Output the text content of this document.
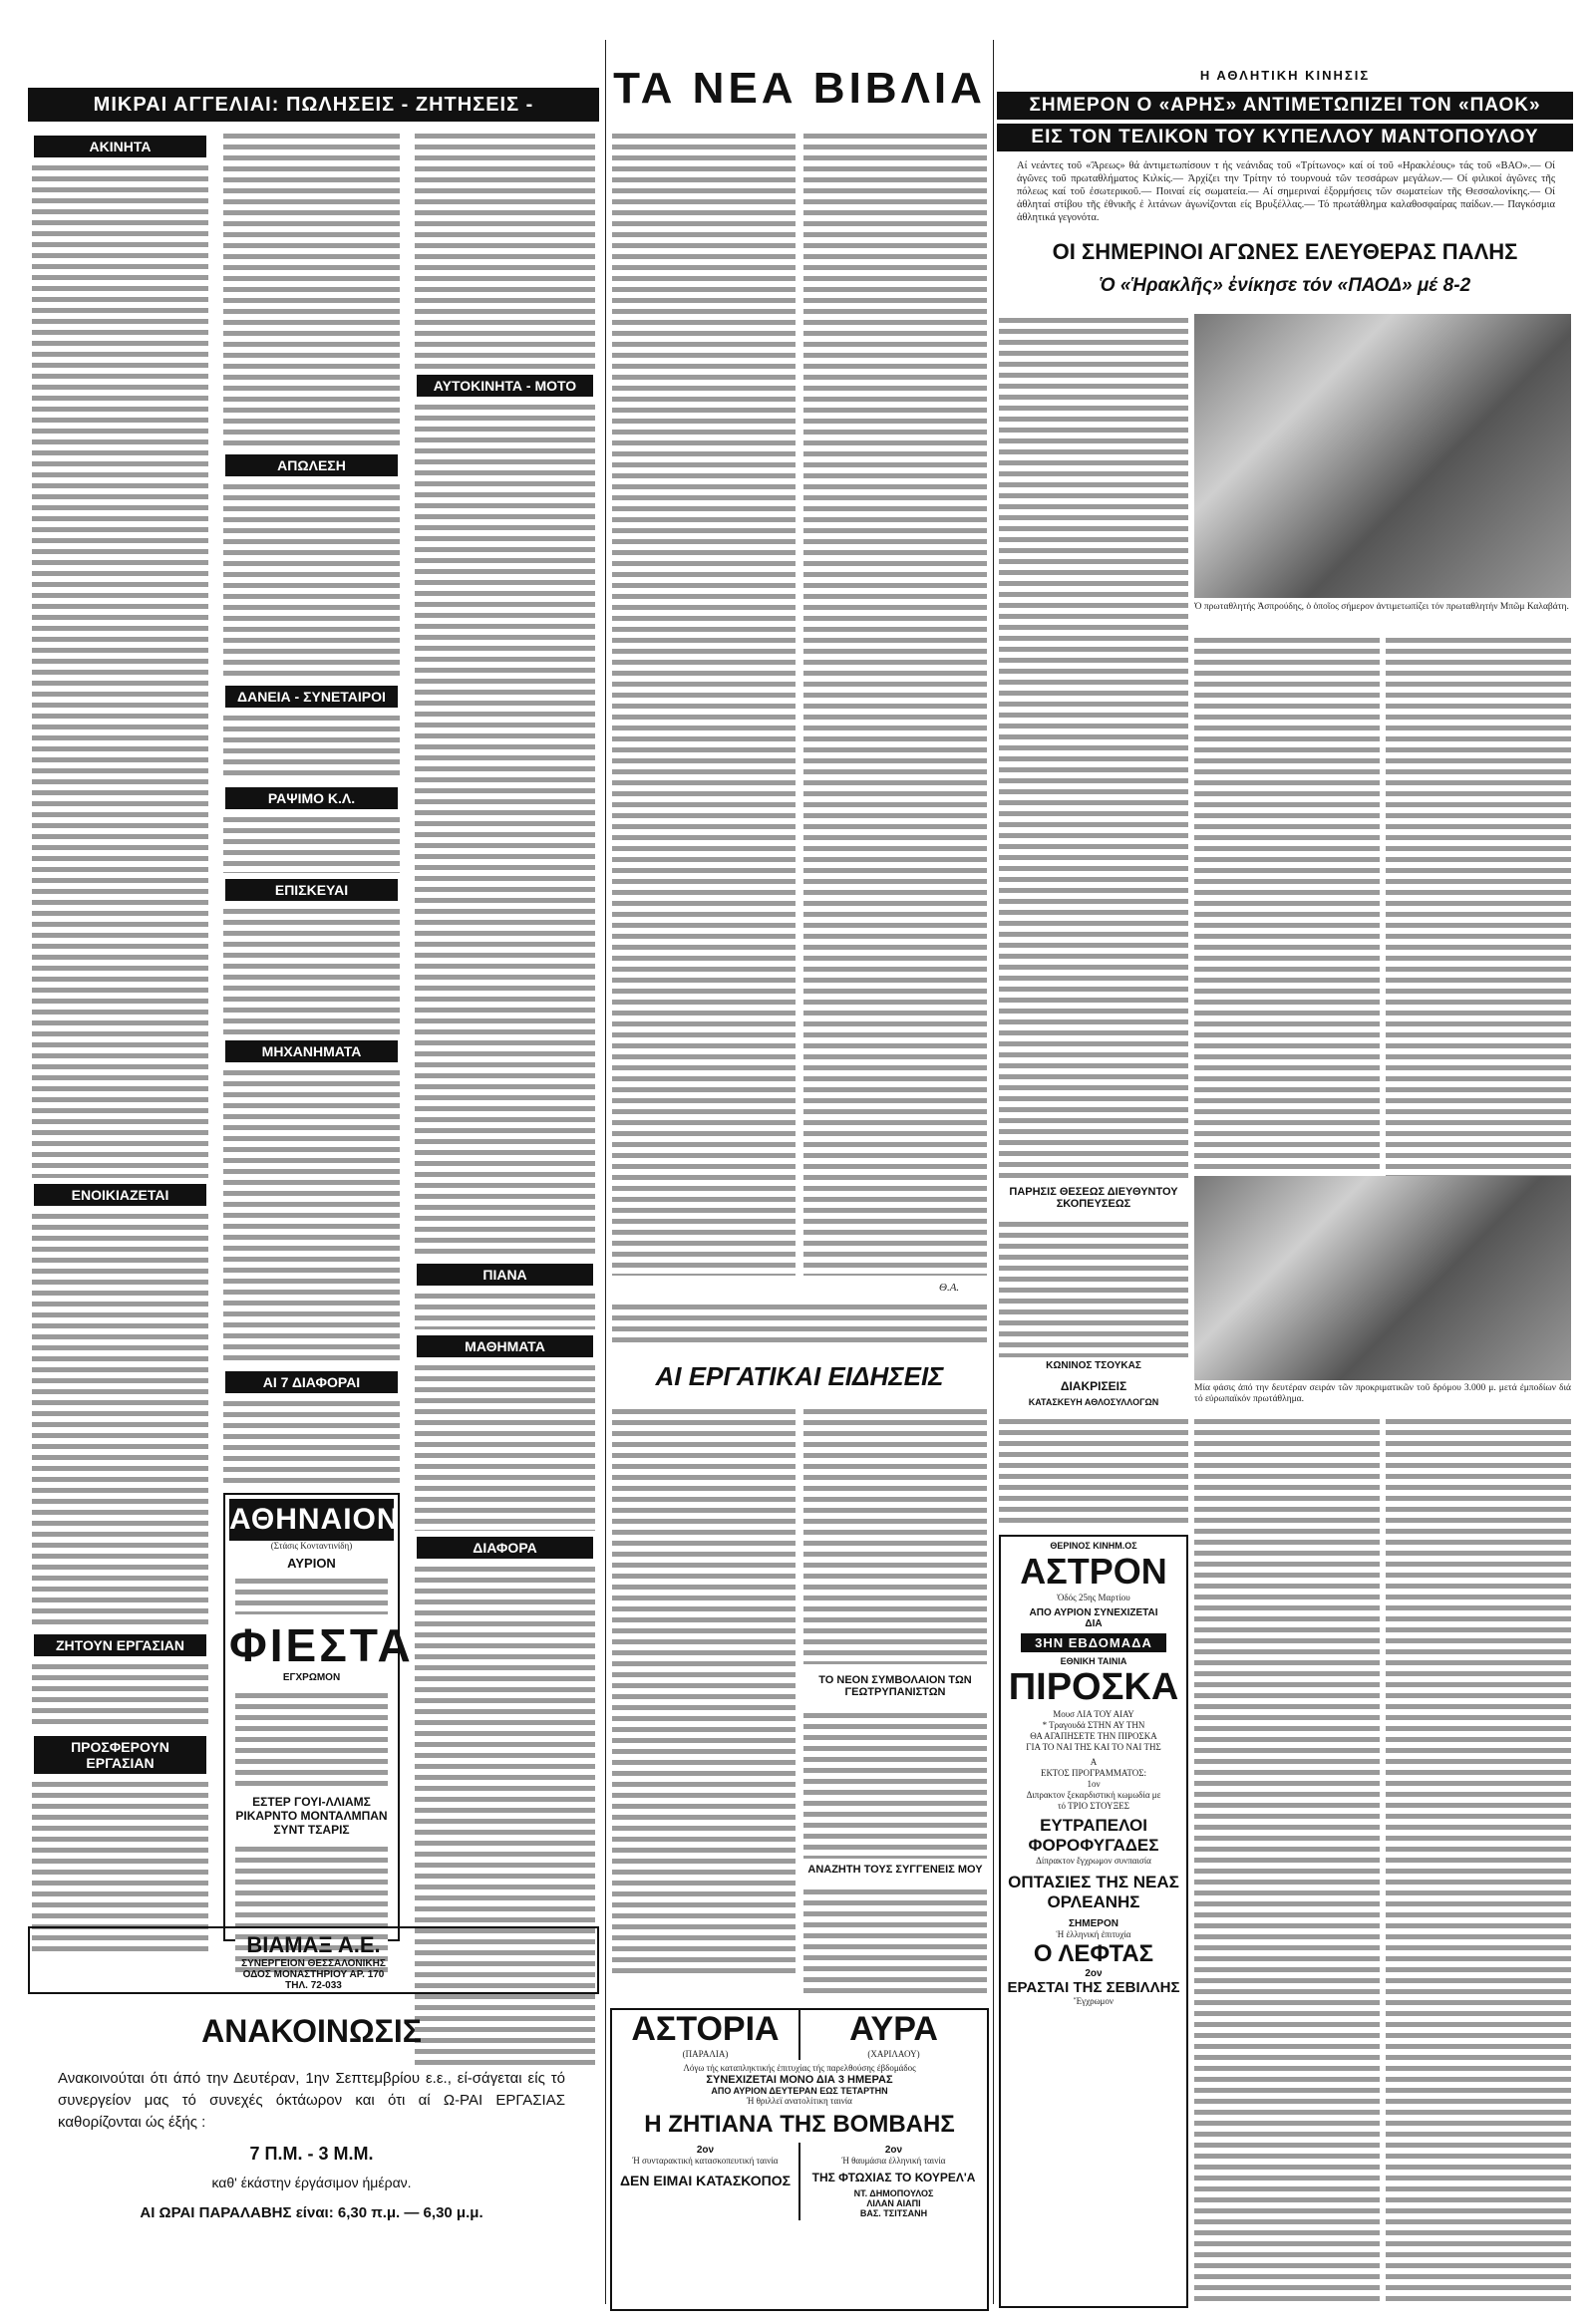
ΜΙΚΡΑΙ ΑΓΓΕΛΙΑΙ: ΠΩΛΗΣΕΙΣ - ΖΗΤΗΣΕΙΣ -
ΑΚΙΝΗΤΑ
ΕΝΟΙΚΙΑΖΕΤΑΙ
ΖΗΤΟΥΝ ΕΡΓΑΣΙΑΝ
ΠΡΟΣΦΕΡΟΥΝ ΕΡΓΑΣΙΑΝ
ΑΠΩΛΕΣΗ
ΔΑΝΕΙΑ - ΣΥΝΕΤΑΙΡΟΙ
ΡΑΨΙΜΟ Κ.Λ.
ΕΠΙΣΚΕΥΑΙ
ΜΗΧΑΝΗΜΑΤΑ
ΑΙ 7 ΔΙΑΦΟΡΑΙ
ΑΘΗΝΑΙΟΝ
(Στάσις Κονταντινίδη)
ΑΥΡΙΟΝ
ΦΙΕΣΤΑ
ΕΓΧΡΩΜΟΝ
ΕΣΤΕΡ ΓΟΥΙ-ΛΛΙΑΜΣ
ΡΙΚΑΡΝΤΟ ΜΟΝΤΑΛΜΠΑΝ
ΣΥΝΤ ΤΣΑΡΙΣ
ΑΥΤΟΚΙΝΗΤΑ - ΜΟΤΟ
ΠΙΑΝΑ
ΜΑΘΗΜΑΤΑ
ΔΙΑΦΟΡΑ
ΒΙΑΜΑΞ Α.Ε.
ΣΥΝΕΡΓΕΙΟΝ ΘΕΣΣΑΛΟΝΙΚΗΣ
ΟΔΟΣ ΜΟΝΑΣΤΗΡΙΟΥ ΑΡ. 170
ΤΗΛ. 72-033
ΑΝΑΚΟΙΝΩΣΙΣ
Ανακοινούται ότι άπό την Δευτέραν, 1ην Σεπτεμβρίου ε.ε., εί-σάγεται είς τό συνεργείον μας τό συνεχές όκτάωρον και ότι αί Ω-ΡΑΙ ΕΡΓΑΣΙΑΣ καθορίζονται ώς έξής :
7 Π.Μ. - 3 Μ.Μ.
καθ' έκάστην έργάσιμον ήμέραν.
ΑΙ ΩΡΑΙ ΠΑΡΑΛΑΒΗΣ είναι: 6,30 π.μ. — 6,30 μ.μ.
ΤΑ ΝΕΑ ΒΙΒΛΙΑ
Θ.Α.
ΑΙ ΕΡΓΑΤΙΚΑΙ ΕΙΔΗΣΕΙΣ
ΤΟ ΝΕΟΝ ΣΥΜΒΟΛΑΙΟΝ ΤΩΝ ΓΕΩΤΡΥΠΑΝΙΣΤΩΝ
ΑΝΑΖΗΤΗ ΤΟΥΣ ΣΥΓΓΕΝΕΙΣ ΜΟΥ
ΑΣΤΟΡΙΑ
(ΠΑΡΑΛΙΑ)
ΑΥΡΑ
(ΧΑΡΙΛΑΟΥ)
Λόγω τής καταπληκτικής έπιτυχίας τής παρελθούσης έβδομάδος
ΣΥΝΕΧΙΖΕΤΑΙ ΜΟΝΟ ΔΙΑ 3 ΗΜΕΡΑΣ
ΑΠΟ ΑΥΡΙΟΝ ΔΕΥΤΕΡΑΝ ΕΩΣ ΤΕΤΑΡΤΗΝ
Ή θριλλεϊ ανατολίτικη ταινία
Η ΖΗΤΙΑΝΑ ΤΗΣ ΒΟΜΒΑΗΣ
2ον
Ή συνταρακτική κατασκοπευτική ταινία
ΔΕΝ ΕΙΜΑΙ ΚΑΤΑΣΚΟΠΟΣ
2ον
Ή θαυμάσια έλληνική ταινία
ΤΗΣ ΦΤΩΧΙΑΣ ΤΟ ΚΟΥΡΕΛ'Α
ΝΤ. ΔΗΜΟΠΟΥΛΟΣ
ΛΙΛΑΝ ΑΙΑΠΙ
ΒΑΣ. ΤΣΙΤΣΑΝΗ
Η ΑΘΛΗΤΙΚΗ ΚΙΝΗΣΙΣ
ΣΗΜΕΡΟΝ Ο «ΑΡΗΣ» ΑΝΤΙΜΕΤΩΠΙΖΕΙ ΤΟΝ «ΠΑΟΚ»
ΕΙΣ ΤΟΝ ΤΕΛΙΚΟΝ ΤΟΥ ΚΥΠΕΛΛΟΥ ΜΑΝΤΟΠΟΥΛΟΥ
Αί νεάντες τοῦ «Ἄρεως» θά ἀντιμετωπίσουν τ ής νεάνιδας τοῦ «Τρίτωνος» καί οί τοῦ «Ηρακλέους» τάς τοῦ «ΒΑΟ».— Οί ἀγῶνες τοῦ πρωταθλήματος Κιλκίς.— Ἀρχίζει την Τρίτην τό τουρνουά τῶν τεσσάρων μεγάλων.— Οί φιλικοί ἀγῶνες τῆς πόλεως καί τοῦ ἐσωτερικοῦ.— Ποιναί είς σωματεία.— Αί σημεριναί ἐξορμήσεις τῶν σωματείων τῆς Θεσσαλονίκης.— Οί ἀθληταί στίβου τῆς ἐθνικῆς ἐ λιτάνων ἀγωνίζονται είς Βρυξέλλας.— Τό πρωτάθλημα καλαθοσφαίρας παίδων.— Παγκόσμια ἀθλητικά γεγονότα.
ΟΙ ΣΗΜΕΡΙΝΟΙ ΑΓΩΝΕΣ ΕΛΕΥΘΕΡΑΣ ΠΑΛΗΣ
Ὁ «Ἡρακλῆς» ἐνίκησε τόν «ΠΑΟΔ» μέ 8-2
Ὁ πρωταθλητής Ἀσπρούδης, ὁ ὁποῖος σήμερον ἀντιμετωπίζει τόν πρωταθλητήν Μπῶμ Καλαβάτη.
ΠΑΡΗΣΙΣ ΘΕΣΕΩΣ ΔΙΕΥΘΥΝΤΟΥ ΣΚΟΠΕΥΣΕΩΣ
ΚΩΝΙΝΟΣ ΤΣΟΥΚΑΣ
Μία φάσις ἀπό την δευτέραν σειράν τῶν προκριματικῶν τοῦ δρόμου 3.000 μ. μετά ἐμποδίων διά τό εὐρωπαϊκόν πρωτάθλημα.
ΔΙΑΚΡΙΣΕΙΣ
ΚΑΤΑΣΚΕΥΗ ΑΘΛΟΣΥΛΛΟΓΩΝ
ΘΕΡΙΝΟΣ ΚΙΝΗΜ.ΟΣ
ΑΣΤΡΟΝ
Ὁδός 25ης Μαρτίου
ΑΠΟ ΑΥΡΙΟΝ ΣΥΝΕΧΙΖΕΤΑΙ
ΔΙΑ
3ΗΝ ΕΒΔΟΜΑΔΑ
ΕΘΝΙΚΗ ΤΑΙΝΙΑ
ΠΙΡΟΣΚΑ
Μουσ ΛΙΑ ΤΟΥ ΑΙΑΥ
* Τραγουδά ΣΤΗΝ ΑΥ ΤΗΝ
ΘΑ ΑΓΑΠΗΣΕΤΕ ΤΗΝ ΠΙΡΟΣΚΑ
ΓΙΑ ΤΟ ΝΑΙ ΤΗΣ ΚΑΙ ΤΟ ΝΑΙ ΤΗΣ
Α
ΕΚΤΟΣ ΠΡΟΓΡΑΜΜΑΤΟΣ:
1ον
Διπρακτον ξεκαρδιστική κωμωδία με
τό ΤΡΙΟ ΣΤΟΥΞΕΣ
ΕΥΤΡΑΠΕΛΟΙ ΦΟΡΟΦΥΓΑΔΕΣ
Δίπρακτον ἔγχρωμον συνπαισία
ΟΠΤΑΣΙΕΣ ΤΗΣ ΝΕΑΣ ΟΡΛΕΑΝΗΣ
ΣΗΜΕΡΟΝ
Ἡ ἐλληνική ἐπιτυχία
Ο ΛΕΦΤΑΣ
2ον
ΕΡΑΣΤΑΙ ΤΗΣ ΣΕΒΙΛΛΗΣ
Ἔγχρωμον
